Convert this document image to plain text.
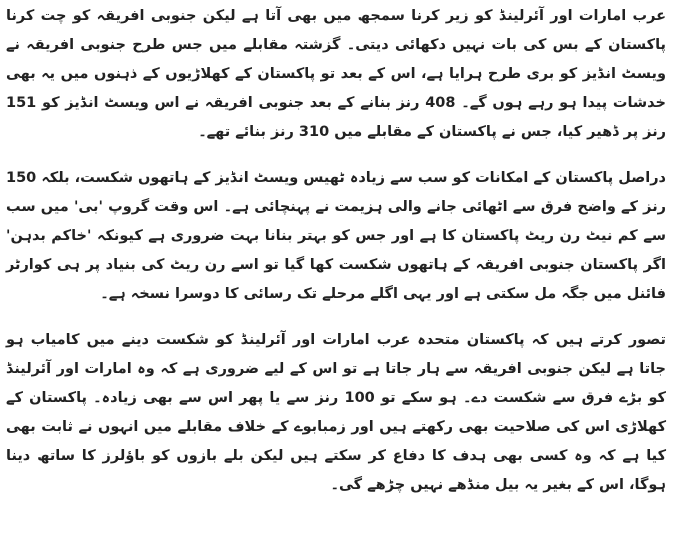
عرب امارات اور آئرلینڈ کو زیر کرنا سمجھ میں بھی آتا ہے لیکن جنوبی افریقہ کو چت کرنا پاکستان کے بس کی بات نہیں دکھائی دیتی۔ گزشتہ مقابلے میں جس طرح جنوبی افریقہ نے ویسٹ انڈیز کو بری طرح ہرایا ہے، اس کے بعد تو پاکستان کے کھلاڑیوں کے ذہنوں میں یہ بھی خدشات پیدا ہو رہے ہوں گے۔ 408 رنز بنانے کے بعد جنوبی افریقہ نے اس ویسٹ انڈیز کو 151 رنز پر ڈھیر کیا، جس نے پاکستان کے مقابلے میں 310 رنز بنائے تھے۔

دراصل پاکستان کے امکانات کو سب سے زیادہ ٹھیس ویسٹ انڈیز کے ہاتھوں شکست، بلکہ 150 رنز کے واضح فرق سے اٹھائی جانے والی ہزیمت نے پہنچائی ہے۔ اس وقت گروپ 'بی' میں سب سے کم نیٹ رن ریٹ پاکستان کا ہے اور جس کو بہتر بنانا بہت ضروری ہے کیونکہ 'خاکم بدہن' اگر پاکستان جنوبی افریقہ کے ہاتھوں شکست کھا گیا تو اسے رن ریٹ کی بنیاد پر ہی کوارٹر فائنل میں جگہ مل سکتی ہے اور یہی اگلے مرحلے تک رسائی کا دوسرا نسخہ ہے۔

تصور کرتے ہیں کہ پاکستان متحدہ عرب امارات اور آئرلینڈ کو شکست دینے میں کامیاب ہو جاتا ہے لیکن جنوبی افریقہ سے ہار جاتا ہے تو اس کے لیے ضروری ہے کہ وہ امارات اور آئرلینڈ کو بڑے فرق سے شکست دے۔ ہو سکے تو 100 رنز سے یا پھر اس سے بھی زیادہ۔ پاکستان کے کھلاڑی اس کی صلاحیت بھی رکھتے ہیں اور زمبابوے کے خلاف مقابلے میں انہوں نے ثابت بھی کیا ہے کہ وہ کسی بھی ہدف کا دفاع کر سکتے ہیں لیکن بلے بازوں کو باؤلرز کا ساتھ دینا ہوگا، اس کے بغیر یہ بیل منڈھے نہیں چڑھے گی۔
